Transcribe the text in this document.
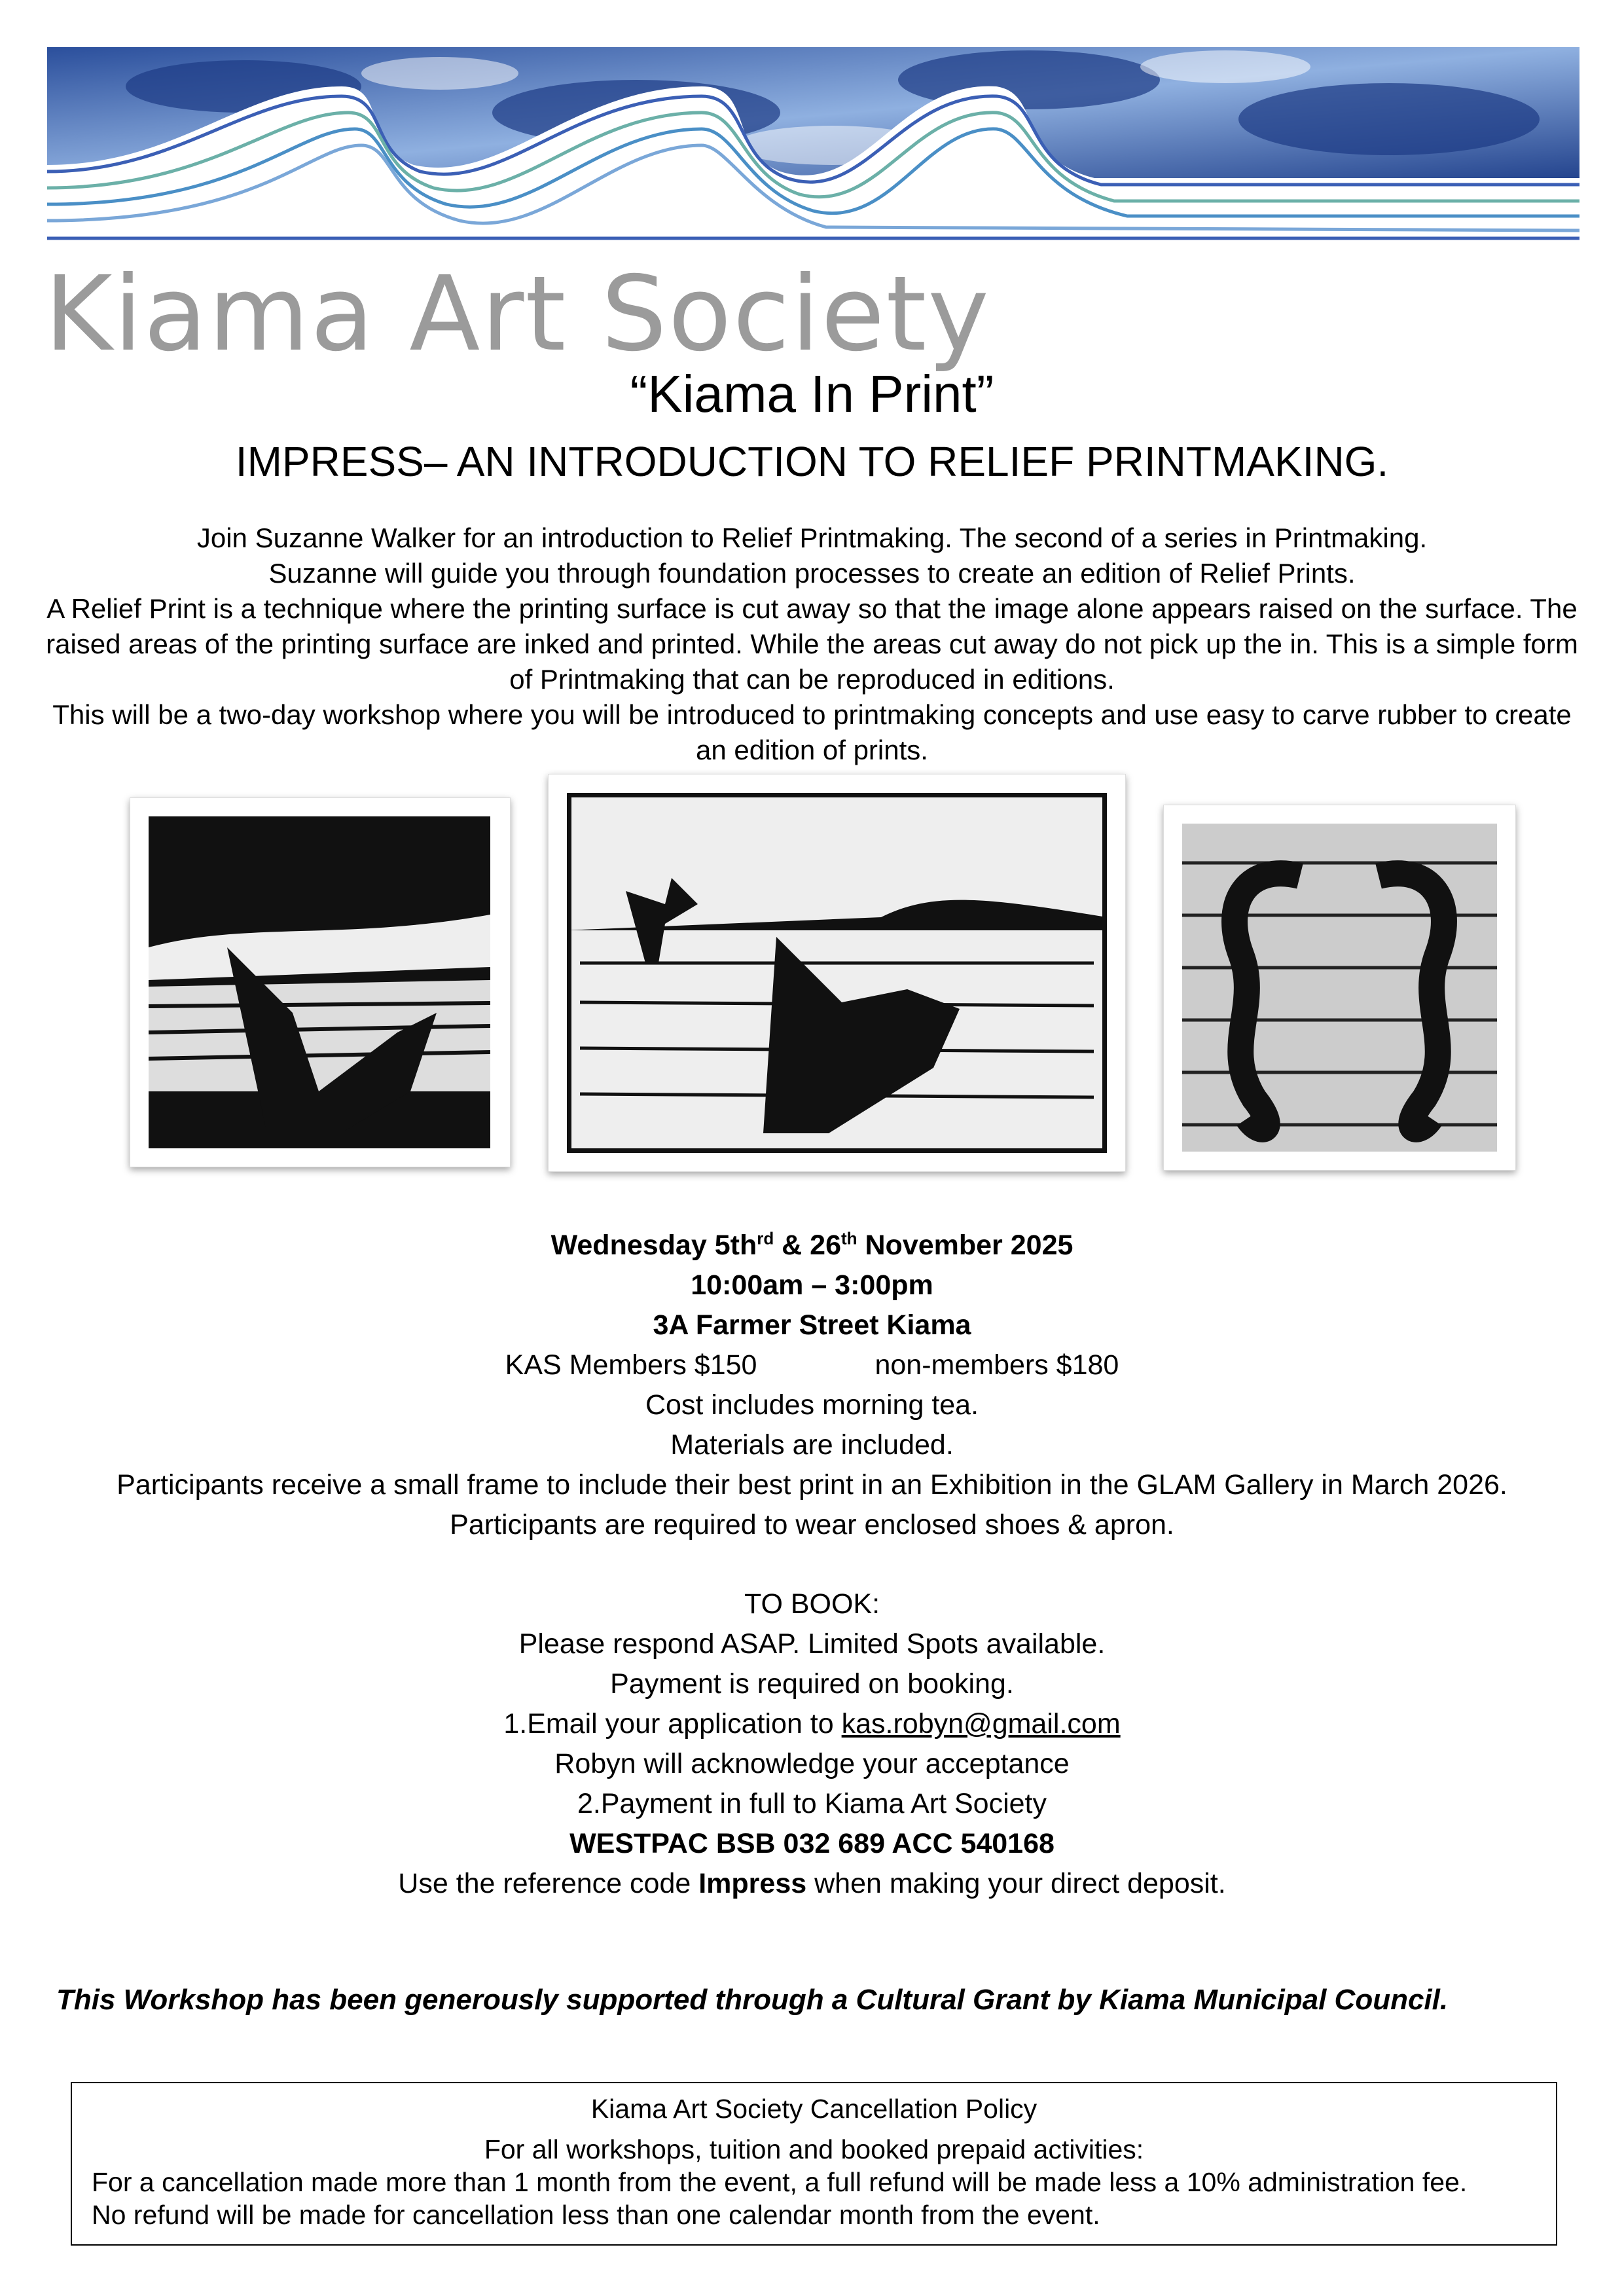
Kiama Art Society
“Kiama In Print”
IMPRESS– AN INTRODUCTION TO RELIEF PRINTMAKING.
Join Suzanne Walker for an introduction to Relief Printmaking. The second of a series in Printmaking.
Suzanne will guide you through foundation processes to create an edition of Relief Prints.
A Relief Print is a technique where the printing surface is cut away so that the image alone appears raised on the surface. The raised areas of the printing surface are inked and printed. While the areas cut away do not pick up the in. This is a simple form of Printmaking that can be reproduced in editions.
This will be a two-day workshop where you will be introduced to printmaking concepts and use easy to carve rubber to create an edition of prints.
Wednesday $5th^{rd}$ & 26th November 2025
10:00am – 3:00pm
3A Farmer Street Kiama
KAS Members $150	non-members $180
Cost includes morning tea.
Materials are included.
Participants receive a small frame to include their best print in an Exhibition in the GLAM Gallery in March 2026.
Participants are required to wear enclosed shoes & apron.
TO BOOK:
Please respond ASAP. Limited Spots available.
Payment is required on booking.
1.Email your application to kas.robyn@gmail.com
Robyn will acknowledge your acceptance
2.Payment in full to Kiama Art Society
WESTPAC BSB 032 689 ACC 540168
Use the reference code Impress when making your direct deposit.
This Workshop has been generously supported through a Cultural Grant by Kiama Municipal Council.
Kiama Art Society Cancellation Policy
For all workshops, tuition and booked prepaid activities:
For a cancellation made more than 1 month from the event, a full refund will be made less a 10% administration fee.
No refund will be made for cancellation less than one calendar month from the event.
